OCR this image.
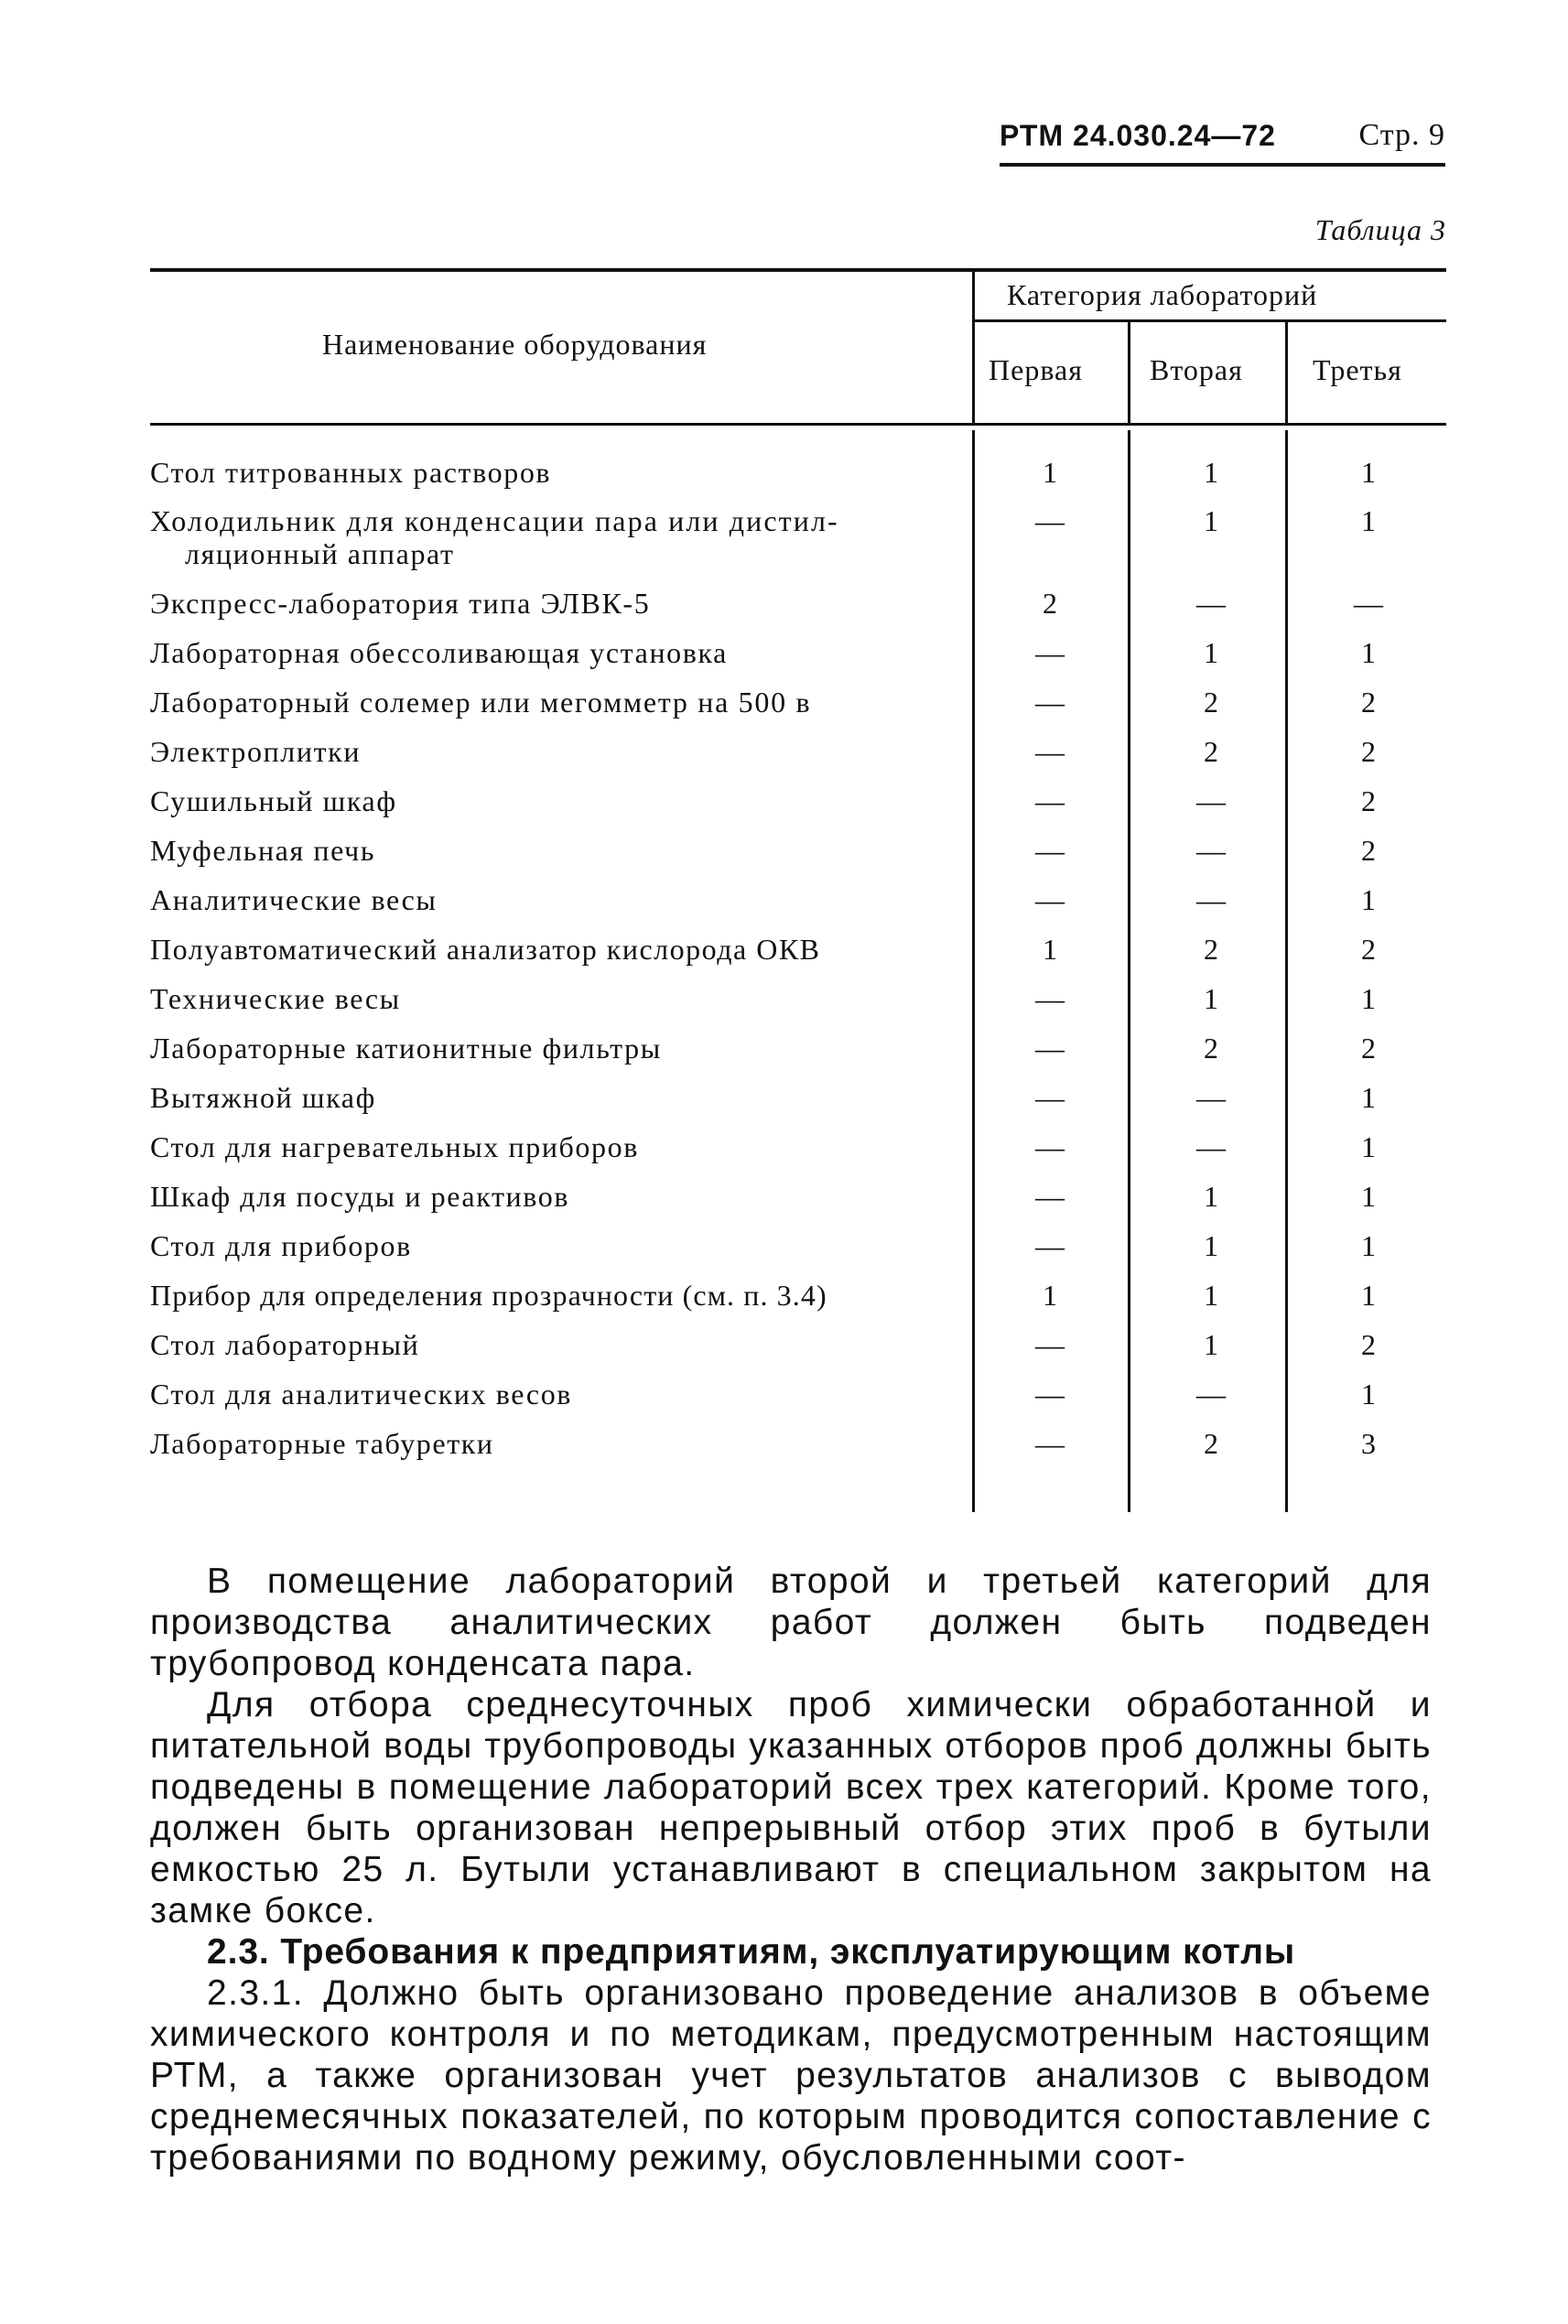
РТМ 24.030.24—72	Стр. 9
Таблица 3
Наименование оборудования
Категория лабораторий
Первая Вторая Третья
Стол титрованных растворов	1	1	1
Холодильник для конденсации пара или дистил-
ляционный аппарат
—	1	1
Экспресс-лаборатория типа ЭЛВК-5	2	—	—
Лабораторная обессоливающая установка	—	1	1
Лабораторный солемер или мегомметр на 500 в	—	2	2
Электроплитки	—	2	2
Сушильный шкаф	—	—	2
Муфельная печь	—	—	2
Аналитические весы	—	—	1
Полуавтоматический анализатор кислорода ОКВ	1	2	2
Технические весы	—	1	1
Лабораторные катионитные фильтры	—	2	2
Вытяжной шкаф	—	—	1
Стол для нагревательных приборов	—	—	1
Шкаф для посуды и реактивов	—	1	1
Стол для приборов	—	1	1
Прибор для определения прозрачности (см. п. 3.4)	1	1	1
Стол лабораторный	—	1	2
Стол для аналитических весов	—	—	1
Лабораторные табуретки	—	2	3

В помещение лабораторий второй и третьей категорий для производства аналитических работ должен быть подведен трубопровод конденсата пара.

Для отбора среднесуточных проб химически обработанной и питательной воды трубопроводы указанных отборов проб должны быть подведены в помещение лабораторий всех трех категорий. Кроме того, должен быть организован непрерывный отбор этих проб в бутыли емкостью 25 л. Бутыли устанавливают в специальном закрытом на замке боксе.

2.3. Требования к предприятиям, эксплуатирующим котлы

2.3.1. Должно быть организовано проведение анализов в объеме химического контроля и по методикам, предусмотренным настоящим РТМ, а также организован учет результатов анализов с выводом среднемесячных показателей, по которым проводится сопоставление с требованиями по водному режиму, обусловленными соот-
